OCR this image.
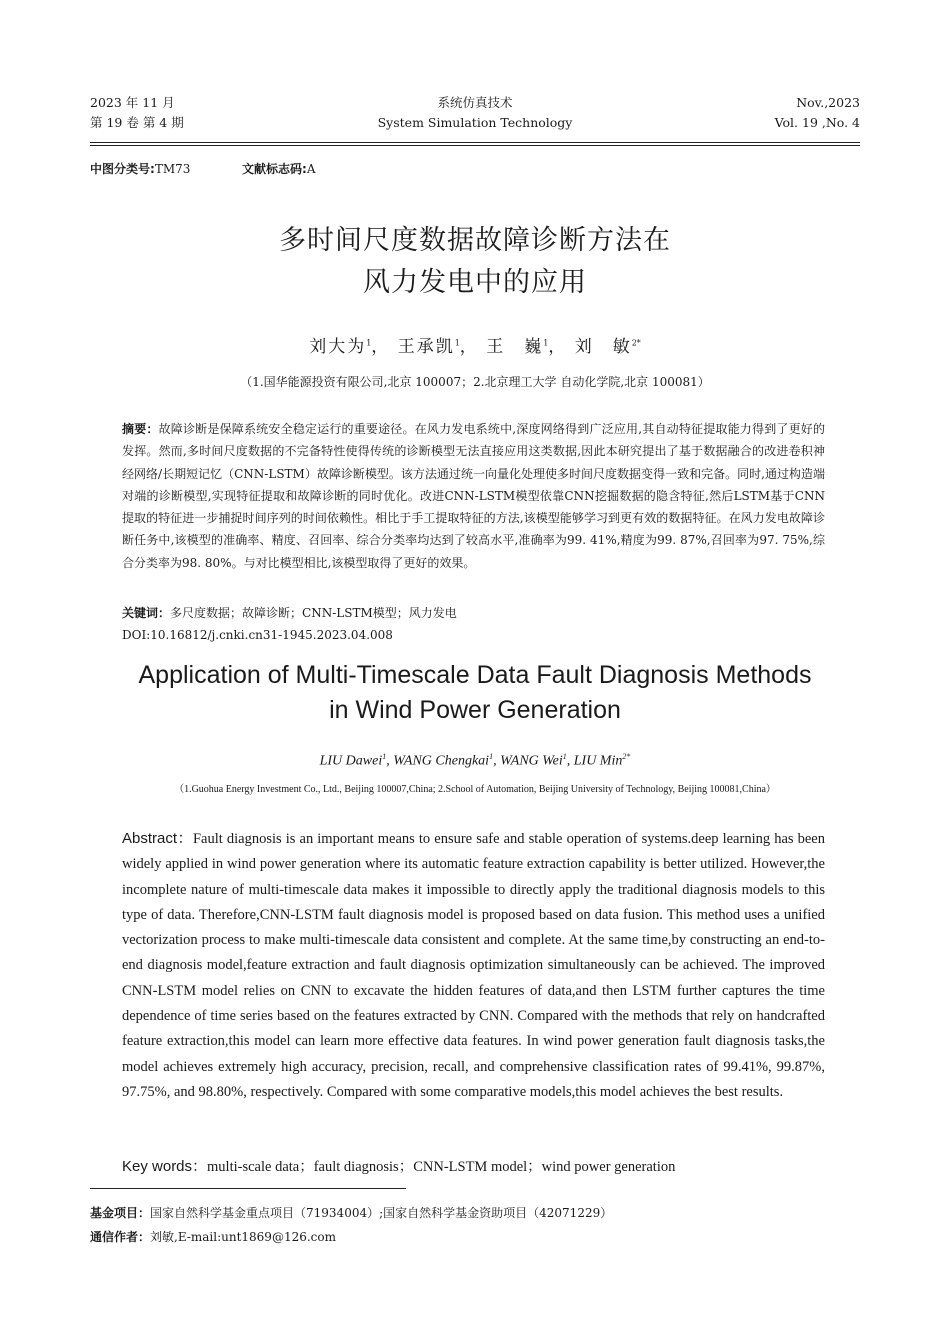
2023 年 11 月
第 19 卷 第 4 期
系统仿真技术
System Simulation Technology
Nov.,2023
Vol. 19 ,No. 4
中图分类号:TM73	文献标志码:A
多时间尺度数据故障诊断方法在
风力发电中的应用
刘大为$^1$， 王承凯$^1$， 王　巍$^1$， 刘　敏$^{2*}$
（1.国华能源投资有限公司,北京 100007；2.北京理工大学 自动化学院,北京 100081）
摘要：故障诊断是保障系统安全稳定运行的重要途径。在风力发电系统中,深度网络得到广泛应用,其自动特征提取能力得到了更好的发挥。然而,多时间尺度数据的不完备特性使得传统的诊断模型无法直接应用这类数据,因此本研究提出了基于数据融合的改进卷积神经网络/长期短记忆（CNN-LSTM）故障诊断模型。该方法通过统一向量化处理使多时间尺度数据变得一致和完备。同时,通过构造端对端的诊断模型,实现特征提取和故障诊断的同时优化。改进CNN-LSTM模型依靠CNN挖掘数据的隐含特征,然后LSTM基于CNN提取的特征进一步捕捉时间序列的时间依赖性。相比于手工提取特征的方法,该模型能够学习到更有效的数据特征。在风力发电故障诊断任务中,该模型的准确率、精度、召回率、综合分类率均达到了较高水平,准确率为99. 41%,精度为99. 87%,召回率为97. 75%,综合分类率为98. 80%。与对比模型相比,该模型取得了更好的效果。
关键词：多尺度数据；故障诊断；CNN-LSTM模型；风力发电
DOI:10.16812/j.cnki.cn31-1945.2023.04.008
Application of Multi-Timescale Data Fault Diagnosis Methods
in Wind Power Generation
LIU Dawei$^1$, WANG Chengkai$^1$, WANG Wei$^1$, LIU Min$^{2*}$
（1.Guohua Energy Investment Co., Ltd., Beijing 100007,China; 2.School of Automation, Beijing University of Technology, Beijing 100081,China）
Abstract：Fault diagnosis is an important means to ensure safe and stable operation of systems.deep learning has been widely applied in wind power generation where its automatic feature extraction capability is better utilized. However,the incomplete nature of multi-timescale data makes it impossible to directly apply the traditional diagnosis models to this type of data. Therefore,CNN-LSTM fault diagnosis model is proposed based on data fusion. This method uses a unified vectorization process to make multi-timescale data consistent and complete. At the same time,by constructing an end-to-end diagnosis model,feature extraction and fault diagnosis optimization simultaneously can be achieved. The improved CNN-LSTM model relies on CNN to excavate the hidden features of data,and then LSTM further captures the time dependence of time series based on the features extracted by CNN. Compared with the methods that rely on handcrafted feature extraction,this model can learn more effective data features. In wind power generation fault diagnosis tasks,the model achieves extremely high accuracy, precision, recall, and comprehensive classification rates of 99.41%, 99.87%, 97.75%, and 98.80%, respectively. Compared with some comparative models,this model achieves the best results.
Key words：multi-scale data；fault diagnosis；CNN-LSTM model；wind power generation
基金项目：国家自然科学基金重点项目（71934004）;国家自然科学基金资助项目（42071229）
通信作者：刘敏,E-mail:unt1869@126.com
